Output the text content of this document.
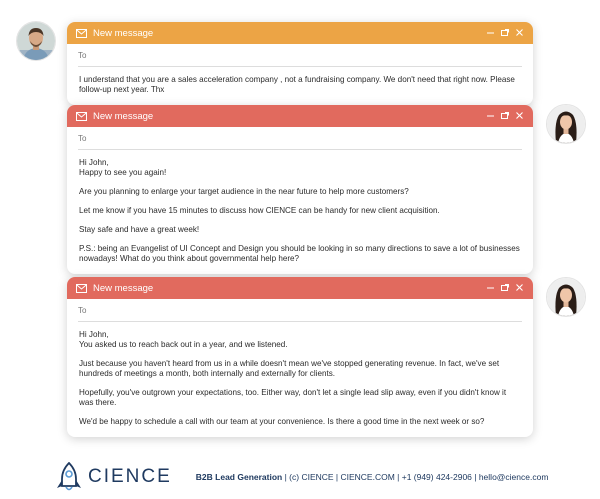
New message
To

I understand that you are a sales acceleration company , not a fundraising company. We don't need that right now. Please follow-up next year. Thx

New message
To

Hi John,

Happy to see you again!

Are you planning to enlarge your target audience in the near future to help more customers?

Let me know if you have 15 minutes to discuss how CIENCE can be handy for new client acquisition.

Stay safe and have a great week!

P.S.: being an Evangelist of UI Concept and Design you should be looking in so many directions to save a lot of businesses nowadays! What do you think about governmental help here?

New message
To

Hi John,

You asked us to reach back out in a year, and we listened.

Just because you haven't heard from us in a while doesn't mean we've stopped generating revenue. In fact, we've set hundreds of meetings a month, both internally and externally for clients.

Hopefully, you've outgrown your expectations, too. Either way, don't let a single lead slip away, even if you didn't know it was there.

We'd be happy to schedule a call with our team at your convenience. Is there a good time in the next week or so?

CIENCE	B2B Lead Generation | (c) CIENCE | CIENCE.COM | +1 (949) 424-2906 | hello@cience.com
